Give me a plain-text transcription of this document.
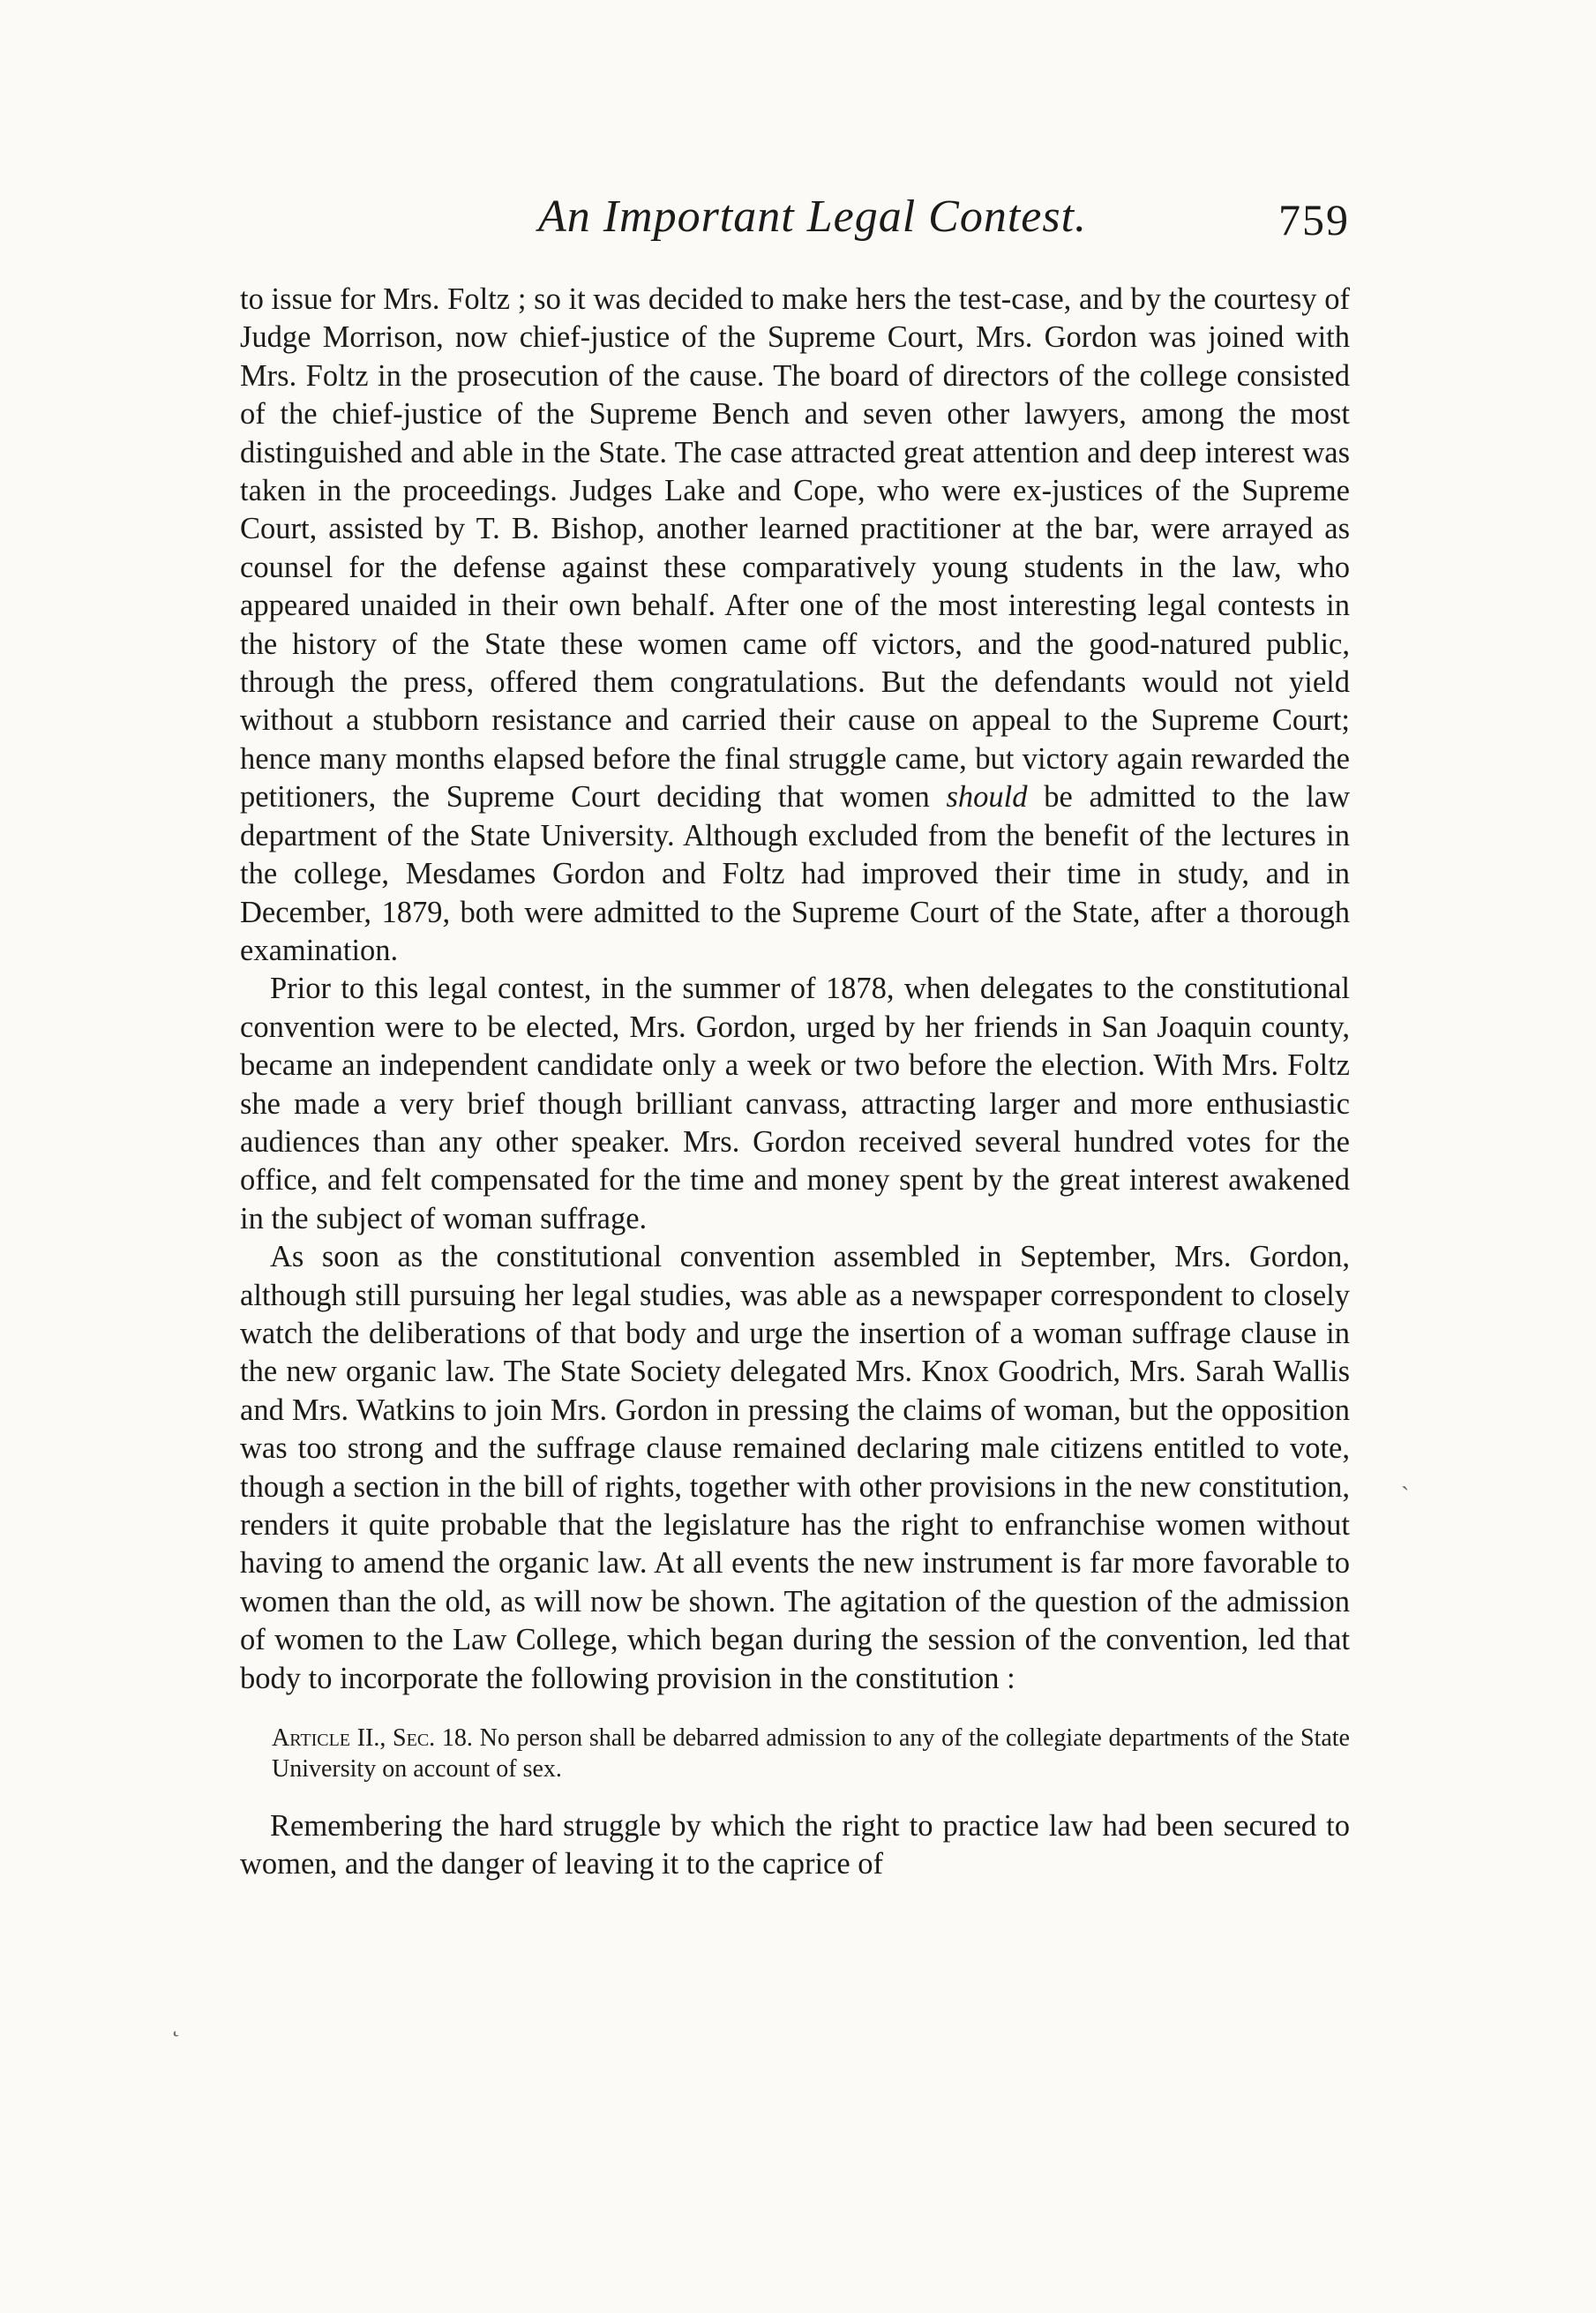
An Important Legal Contest.	759

to issue for Mrs. Foltz ; so it was decided to make hers the test-case, and by the courtesy of Judge Morrison, now chief-justice of the Supreme Court, Mrs. Gordon was joined with Mrs. Foltz in the prosecution of the cause. The board of directors of the college consisted of the chief-justice of the Supreme Bench and seven other lawyers, among the most distinguished and able in the State. The case attracted great attention and deep interest was taken in the proceedings. Judges Lake and Cope, who were ex-justices of the Supreme Court, assisted by T. B. Bishop, another learned practitioner at the bar, were arrayed as counsel for the defense against these comparatively young students in the law, who appeared unaided in their own behalf. After one of the most interesting legal contests in the history of the State these women came off victors, and the good-natured public, through the press, offered them congratulations. But the defendants would not yield without a stubborn resistance and carried their cause on appeal to the Supreme Court; hence many months elapsed before the final struggle came, but victory again rewarded the petitioners, the Supreme Court deciding that women should be admitted to the law department of the State University. Although excluded from the benefit of the lectures in the college, Mesdames Gordon and Foltz had improved their time in study, and in December, 1879, both were admitted to the Supreme Court of the State, after a thorough examination.

Prior to this legal contest, in the summer of 1878, when delegates to the constitutional convention were to be elected, Mrs. Gordon, urged by her friends in San Joaquin county, became an independent candidate only a week or two before the election. With Mrs. Foltz she made a very brief though brilliant canvass, attracting larger and more enthusiastic audiences than any other speaker. Mrs. Gordon received several hundred votes for the office, and felt compensated for the time and money spent by the great interest awakened in the subject of woman suffrage.

As soon as the constitutional convention assembled in September, Mrs. Gordon, although still pursuing her legal studies, was able as a newspaper correspondent to closely watch the deliberations of that body and urge the insertion of a woman suffrage clause in the new organic law. The State Society delegated Mrs. Knox Goodrich, Mrs. Sarah Wallis and Mrs. Watkins to join Mrs. Gordon in pressing the claims of woman, but the opposition was too strong and the suffrage clause remained declaring male citizens entitled to vote, though a section in the bill of rights, together with other provisions in the new constitution, renders it quite probable that the legislature has the right to enfranchise women without having to amend the organic law. At all events the new instrument is far more favorable to women than the old, as will now be shown. The agitation of the question of the admission of women to the Law College, which began during the session of the convention, led that body to incorporate the following provision in the constitution :

Article II., Sec. 18. No person shall be debarred admission to any of the collegiate departments of the State University on account of sex.

Remembering the hard struggle by which the right to practice law had been secured to women, and the danger of leaving it to the caprice of

˛
ˋ
